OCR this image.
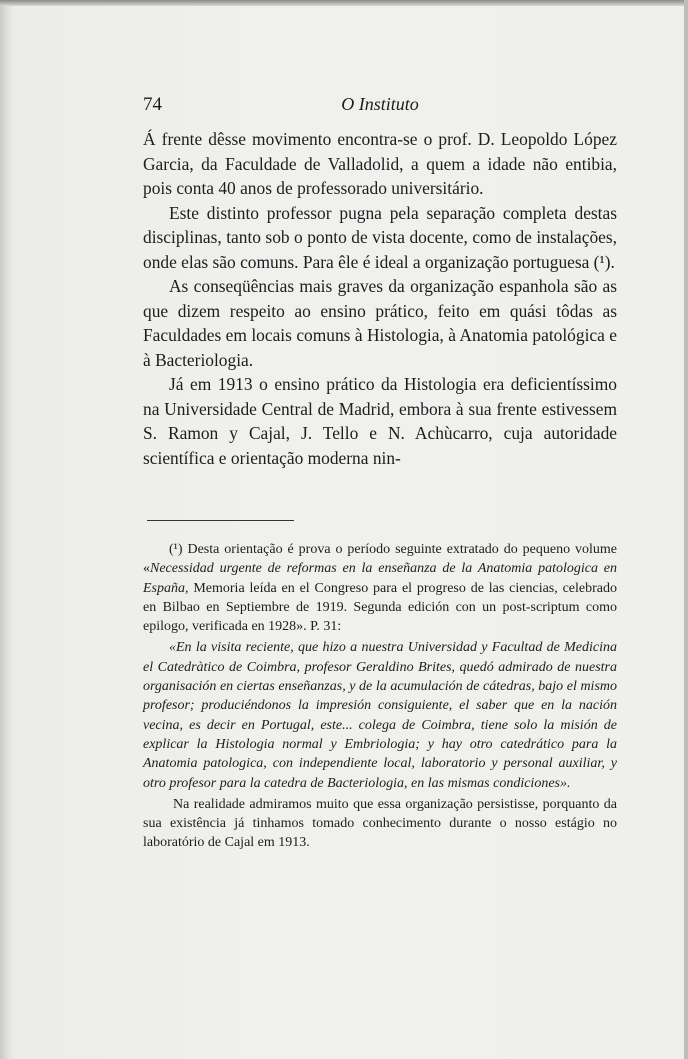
74	O Instituto

Á frente dêsse movimento encontra-se o prof. D. Leopoldo López Garcia, da Faculdade de Valladolid, a quem a idade não entibia, pois conta 40 anos de professorado universitário.

Este distinto professor pugna pela separação completa destas disciplinas, tanto sob o ponto de vista docente, como de instalações, onde elas são comuns. Para êle é ideal a organização portuguesa (¹).

As conseqüências mais graves da organização espanhola são as que dizem respeito ao ensino prático, feito em quási tôdas as Faculdades em locais comuns à Histologia, à Anatomia patológica e à Bacteriologia.

Já em 1913 o ensino prático da Histologia era deficientíssimo na Universidade Central de Madrid, embora à sua frente estivessem S. Ramon y Cajal, J. Tello e N. Achùcarro, cuja autoridade scientífica e orientação moderna nin-

(¹) Desta orientação é prova o período seguinte extratado do pequeno volume «Necessidad urgente de reformas en la enseñanza de la Anatomia patologica en España, Memoria leída en el Congreso para el progreso de las ciencias, celebrado en Bilbao en Septiembre de 1919. Segunda edición con un post-scriptum como epilogo, verificada en 1928». P. 31:

«En la visita reciente, que hizo a nuestra Universidad y Facultad de Medicina el Catedràtico de Coimbra, profesor Geraldino Brites, quedó admirado de nuestra organisación en ciertas enseñanzas, y de la acumulación de cátedras, bajo el mismo profesor; produciéndonos la impresión consiguiente, el saber que en la nación vecina, es decir en Portugal, este... colega de Coimbra, tiene solo la misión de explicar la Histologia normal y Embriologia; y hay otro catedrático para la Anatomia patologica, con independiente local, laboratorio y personal auxiliar, y otro profesor para la catedra de Bacteriologia, en las mismas condiciones».

Na realidade admiramos muito que essa organização persistisse, porquanto da sua existência já tinhamos tomado conhecimento durante o nosso estágio no laboratório de Cajal em 1913.
